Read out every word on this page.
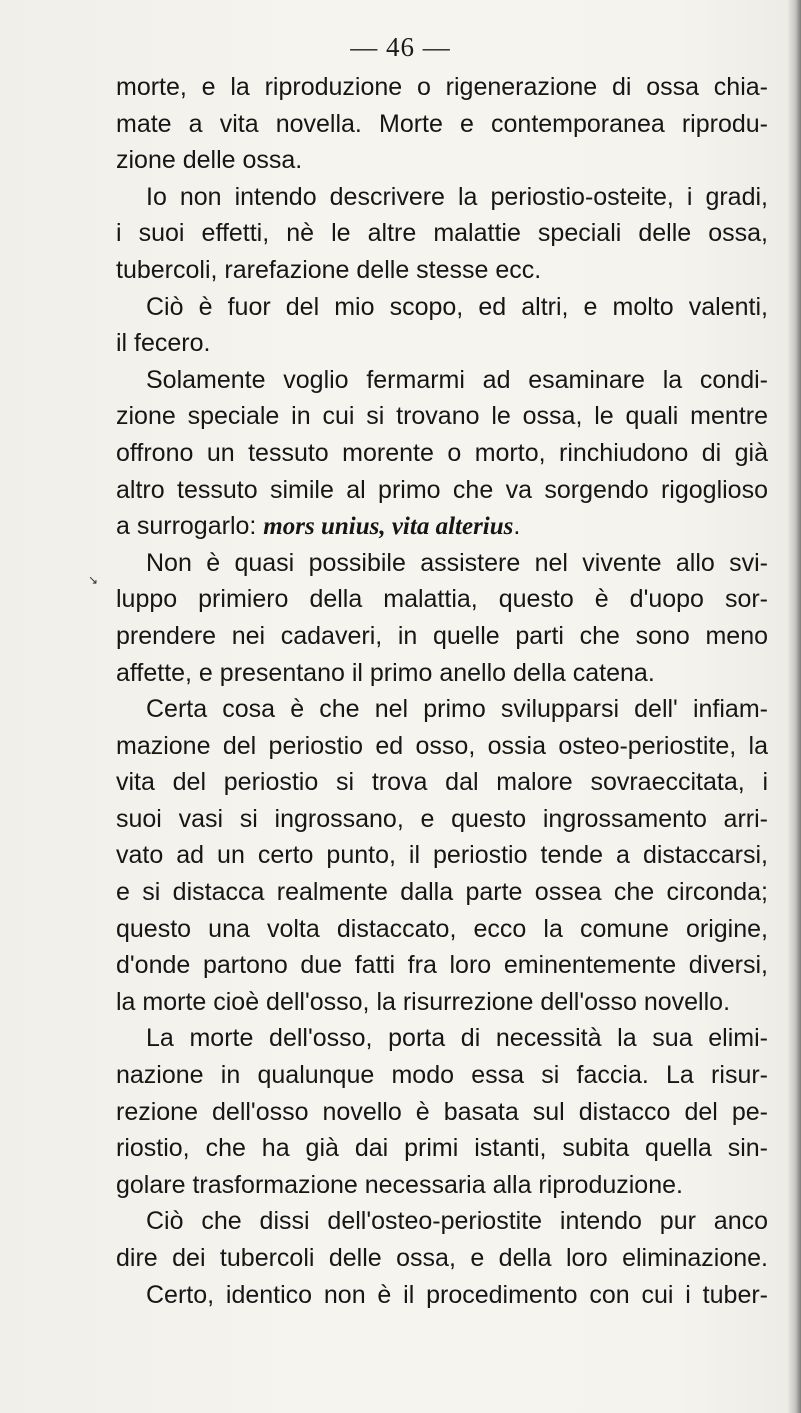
— 46 —
morte, e la riproduzione o rigenerazione di ossa chia-
mate a vita novella. Morte e contemporanea riprodu-
zione delle ossa.
Io non intendo descrivere la periostio-osteite, i gradi,
i suoi effetti, nè le altre malattie speciali delle ossa,
tubercoli, rarefazione delle stesse ecc.
Ciò è fuor del mio scopo, ed altri, e molto valenti,
il fecero.
Solamente voglio fermarmi ad esaminare la condi-
zione speciale in cui si trovano le ossa, le quali mentre
offrono un tessuto morente o morto, rinchiudono di già
altro tessuto simile al primo che va sorgendo rigoglioso
a surrogarlo: mors unius, vita alterius.
Non è quasi possibile assistere nel vivente allo svi-
luppo primiero della malattia, questo è d'uopo sor-
prendere nei cadaveri, in quelle parti che sono meno
affette, e presentano il primo anello della catena.
Certa cosa è che nel primo svilupparsi dell' infiam-
mazione del periostio ed osso, ossia osteo-periostite, la
vita del periostio si trova dal malore sovraeccitata, i
suoi vasi si ingrossano, e questo ingrossamento arri-
vato ad un certo punto, il periostio tende a distaccarsi,
e si distacca realmente dalla parte ossea che circonda;
questo una volta distaccato, ecco la comune origine,
d'onde partono due fatti fra loro eminentemente diversi,
la morte cioè dell'osso, la risurrezione dell'osso novello.
La morte dell'osso, porta di necessità la sua elimi-
nazione in qualunque modo essa si faccia. La risur-
rezione dell'osso novello è basata sul distacco del pe-
riostio, che ha già dai primi istanti, subita quella sin-
golare trasformazione necessaria alla riproduzione.
Ciò che dissi dell'osteo-periostite intendo pur anco
dire dei tubercoli delle ossa, e della loro eliminazione.
Certo, identico non è il procedimento con cui i tuber-
↘
